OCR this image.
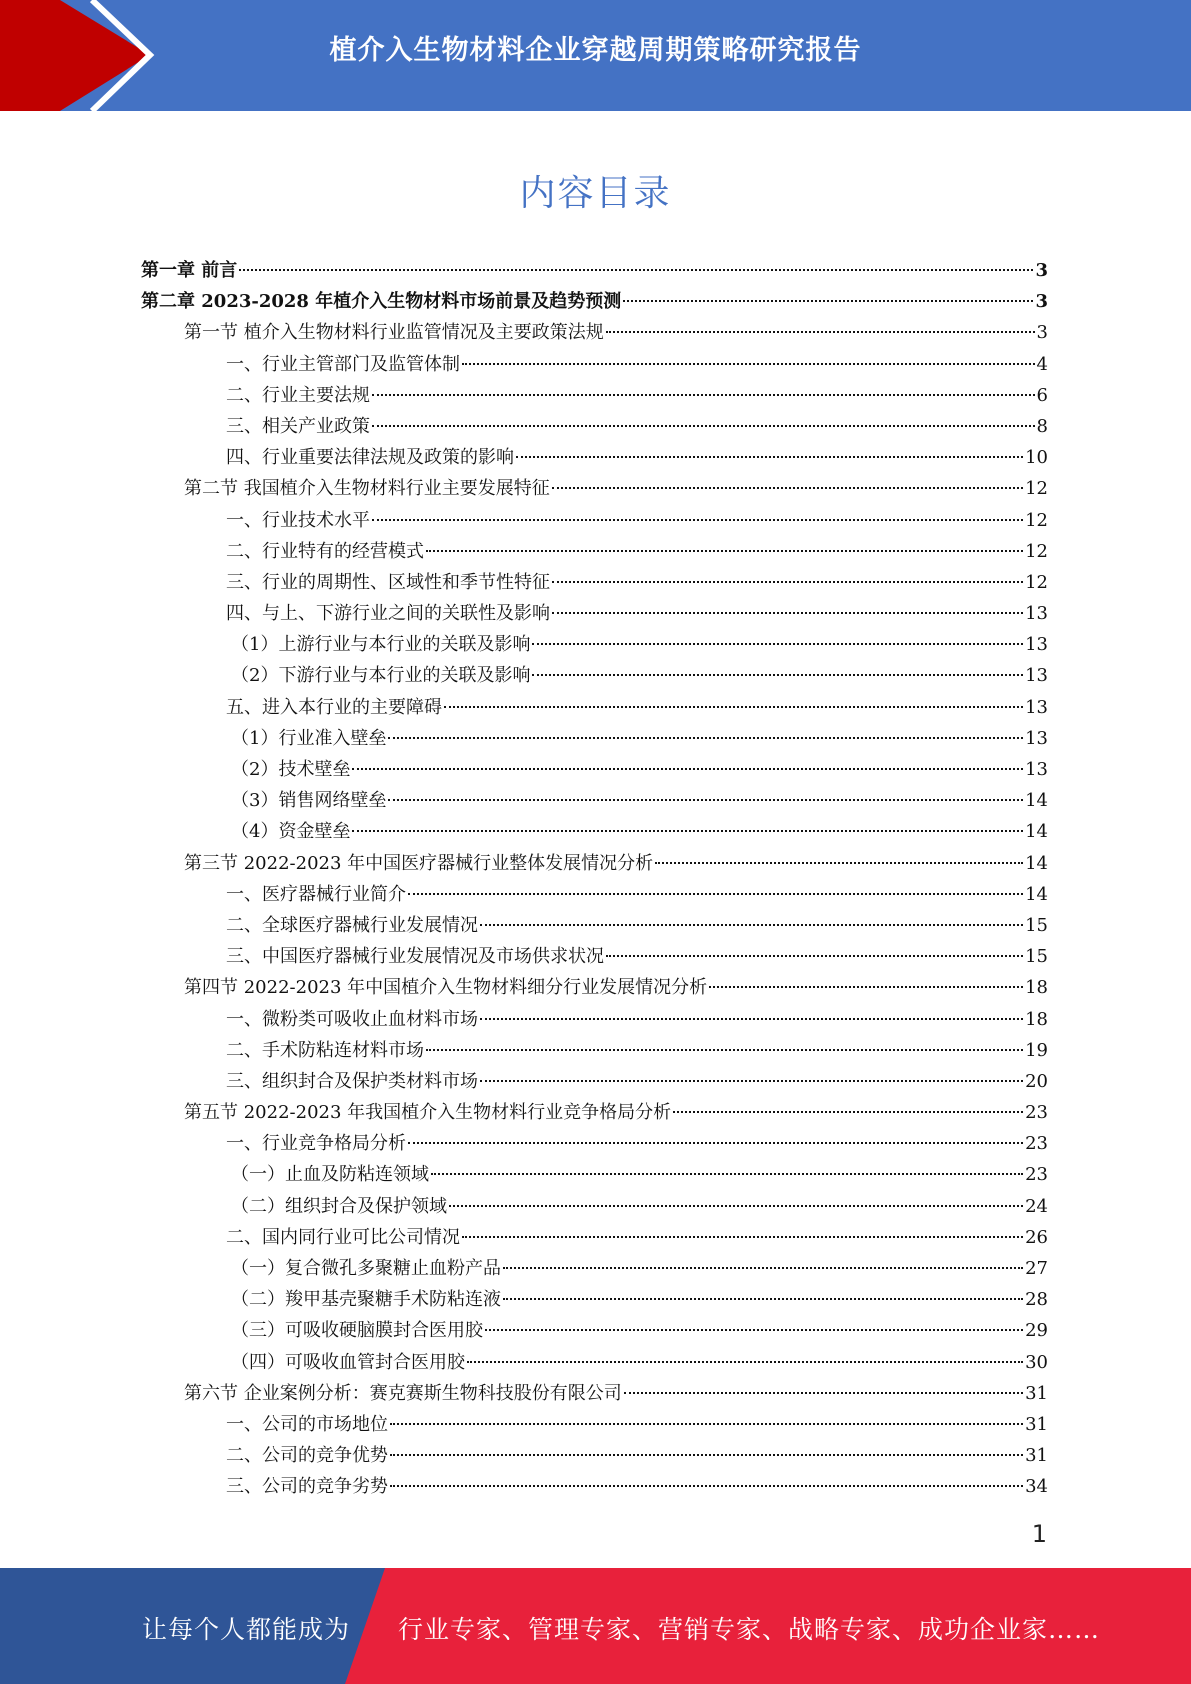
植介入生物材料企业穿越周期策略研究报告
内容目录
第一章 前言	3
第二章 2023-2028 年植介入生物材料市场前景及趋势预测	3
第一节 植介入生物材料行业监管情况及主要政策法规	3
一、行业主管部门及监管体制	4
二、行业主要法规	6
三、相关产业政策	8
四、行业重要法律法规及政策的影响	10
第二节 我国植介入生物材料行业主要发展特征	12
一、行业技术水平	12
二、行业特有的经营模式	12
三、行业的周期性、区域性和季节性特征	12
四、与上、下游行业之间的关联性及影响	13
（1）上游行业与本行业的关联及影响	13
（2）下游行业与本行业的关联及影响	13
五、进入本行业的主要障碍	13
（1）行业准入壁垒	13
（2）技术壁垒	13
（3）销售网络壁垒	14
（4）资金壁垒	14
第三节 2022-2023 年中国医疗器械行业整体发展情况分析	14
一、医疗器械行业简介	14
二、全球医疗器械行业发展情况	15
三、中国医疗器械行业发展情况及市场供求状况	15
第四节 2022-2023 年中国植介入生物材料细分行业发展情况分析	18
一、微粉类可吸收止血材料市场	18
二、手术防粘连材料市场	19
三、组织封合及保护类材料市场	20
第五节 2022-2023 年我国植介入生物材料行业竞争格局分析	23
一、行业竞争格局分析	23
（一）止血及防粘连领域	23
（二）组织封合及保护领域	24
二、国内同行业可比公司情况	26
（一）复合微孔多聚糖止血粉产品	27
（二）羧甲基壳聚糖手术防粘连液	28
（三）可吸收硬脑膜封合医用胶	29
（四）可吸收血管封合医用胶	30
第六节 企业案例分析：赛克赛斯生物科技股份有限公司	31
一、公司的市场地位	31
二、公司的竞争优势	31
三、公司的竞争劣势	34
1
让每个人都能成为 行业专家、管理专家、营销专家、战略专家、成功企业家……
